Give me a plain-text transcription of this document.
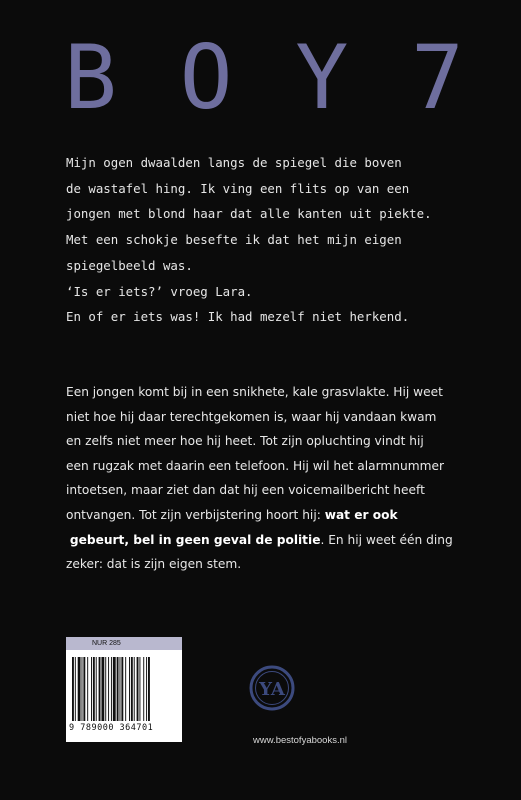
B O Y 7
Mijn ogen dwaalden langs de spiegel die boven
de wastafel hing. Ik ving een flits op van een
jongen met blond haar dat alle kanten uit piekte.
Met een schokje besefte ik dat het mijn eigen
spiegelbeeld was.
‘Is er iets?’ vroeg Lara.
En of er iets was! Ik had mezelf niet herkend.
Een jongen komt bij in een snikhete, kale grasvlakte. Hij weet
niet hoe hij daar terechtgekomen is, waar hij vandaan kwam
en zelfs niet meer hoe hij heet. Tot zijn opluchting vindt hij
een rugzak met daarin een telefoon. Hij wil het alarmnummer
intoetsen, maar ziet dan dat hij een voicemailbericht heeft
ontvangen. Tot zijn verbijstering hoort hij: wat er ook
gebeurt, bel in geen geval de politie. En hij weet één ding
zeker: dat is zijn eigen stem.
NUR 285
9 789000 364701
YA
www.bestofyabooks.nl
